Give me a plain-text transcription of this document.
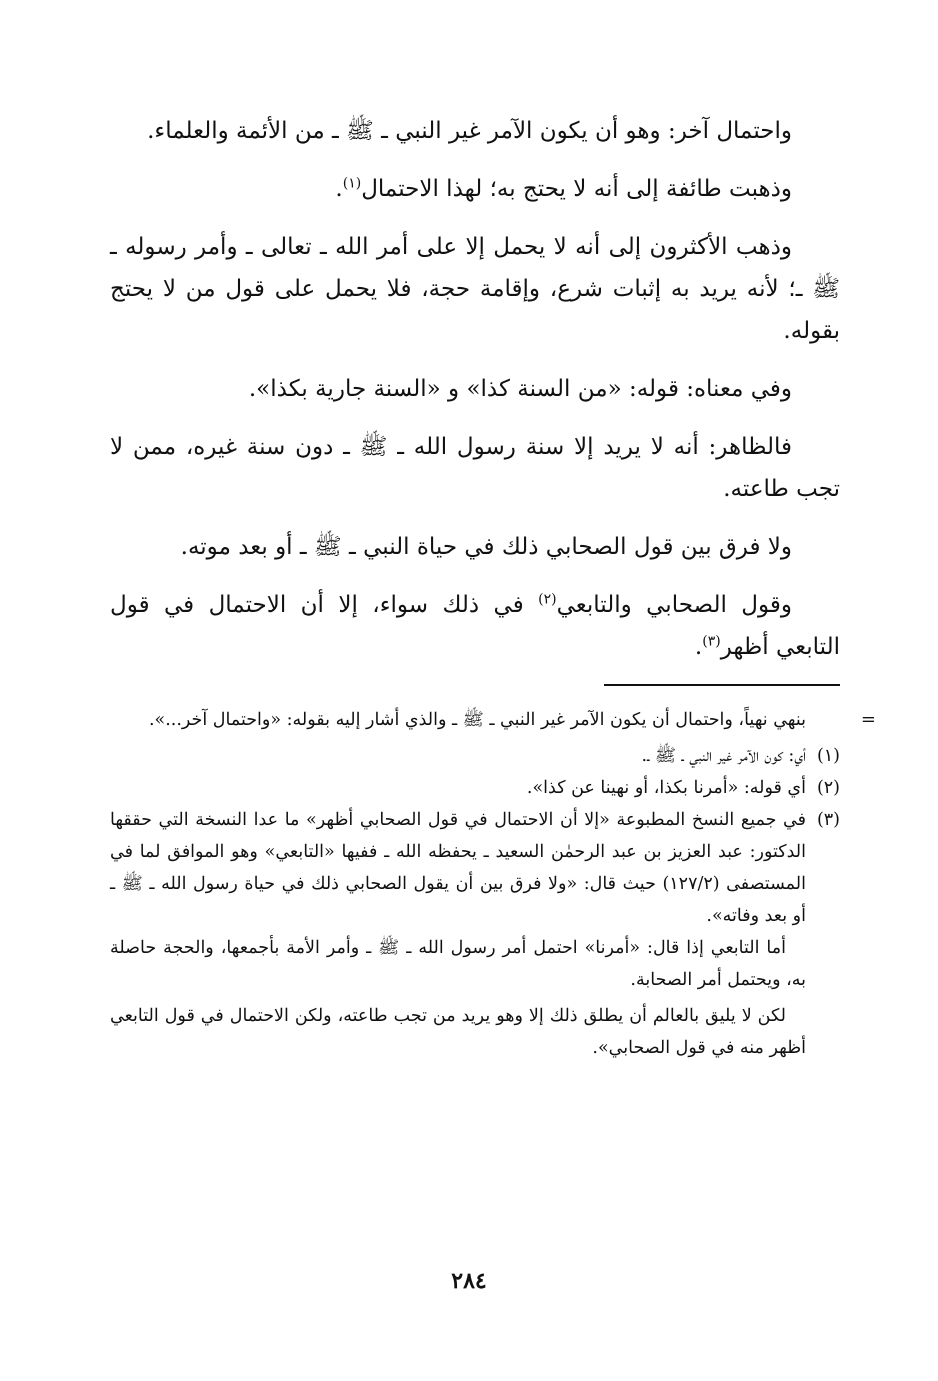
واحتمال آخر: وهو أن يكون الآمر غير النبي ـ ﷺ ـ من الأئمة والعلماء.

وذهبت طائفة إلى أنه لا يحتج به؛ لهذا الاحتمال$^{(١)}$.

وذهب الأكثرون إلى أنه لا يحمل إلا على أمر الله ـ تعالى ـ وأمر رسوله ـ ﷺ ـ؛ لأنه يريد به إثبات شرع، وإقامة حجة، فلا يحمل على قول من لا يحتج بقوله.

وفي معناه: قوله: «من السنة كذا» و «السنة جارية بكذا».

فالظاهر: أنه لا يريد إلا سنة رسول الله ـ ﷺ ـ دون سنة غيره، ممن لا تجب طاعته.

ولا فرق بين قول الصحابي ذلك في حياة النبي ـ ﷺ ـ أو بعد موته.

وقول الصحابي والتابعي$^{(٢)}$ في ذلك سواء، إلا أن الاحتمال في قول التابعي أظهر$^{(٣)}$.

=

بنهي نهياً، واحتمال أن يكون الآمر غير النبي ـ ﷺ ـ والذي أشار إليه بقوله: «واحتمال آخر...».

(١)
أي: كون الآمر غير النبي ـ ﷺ ـ.
(٢)
أي قوله: «أمرنا بكذا، أو نهينا عن كذا».
(٣)
في جميع النسخ المطبوعة «إلا أن الاحتمال في قول الصحابي أظهر» ما عدا النسخة التي حققها الدكتور: عبد العزيز بن عبد الرحمٰن السعيد ـ يحفظه الله ـ ففيها «التابعي» وهو الموافق لما في المستصفى (١٢٧/٢) حيث قال: «ولا فرق بين أن يقول الصحابي ذلك في حياة رسول الله ـ ﷺ ـ أو بعد وفاته».

أما التابعي إذا قال: «أمرنا» احتمل أمر رسول الله ـ ﷺ ـ وأمر الأمة بأجمعها، والحجة حاصلة به، ويحتمل أمر الصحابة.

لكن لا يليق بالعالم أن يطلق ذلك إلا وهو يريد من تجب طاعته، ولكن الاحتمال في قول التابعي أظهر منه في قول الصحابي».

٢٨٤
